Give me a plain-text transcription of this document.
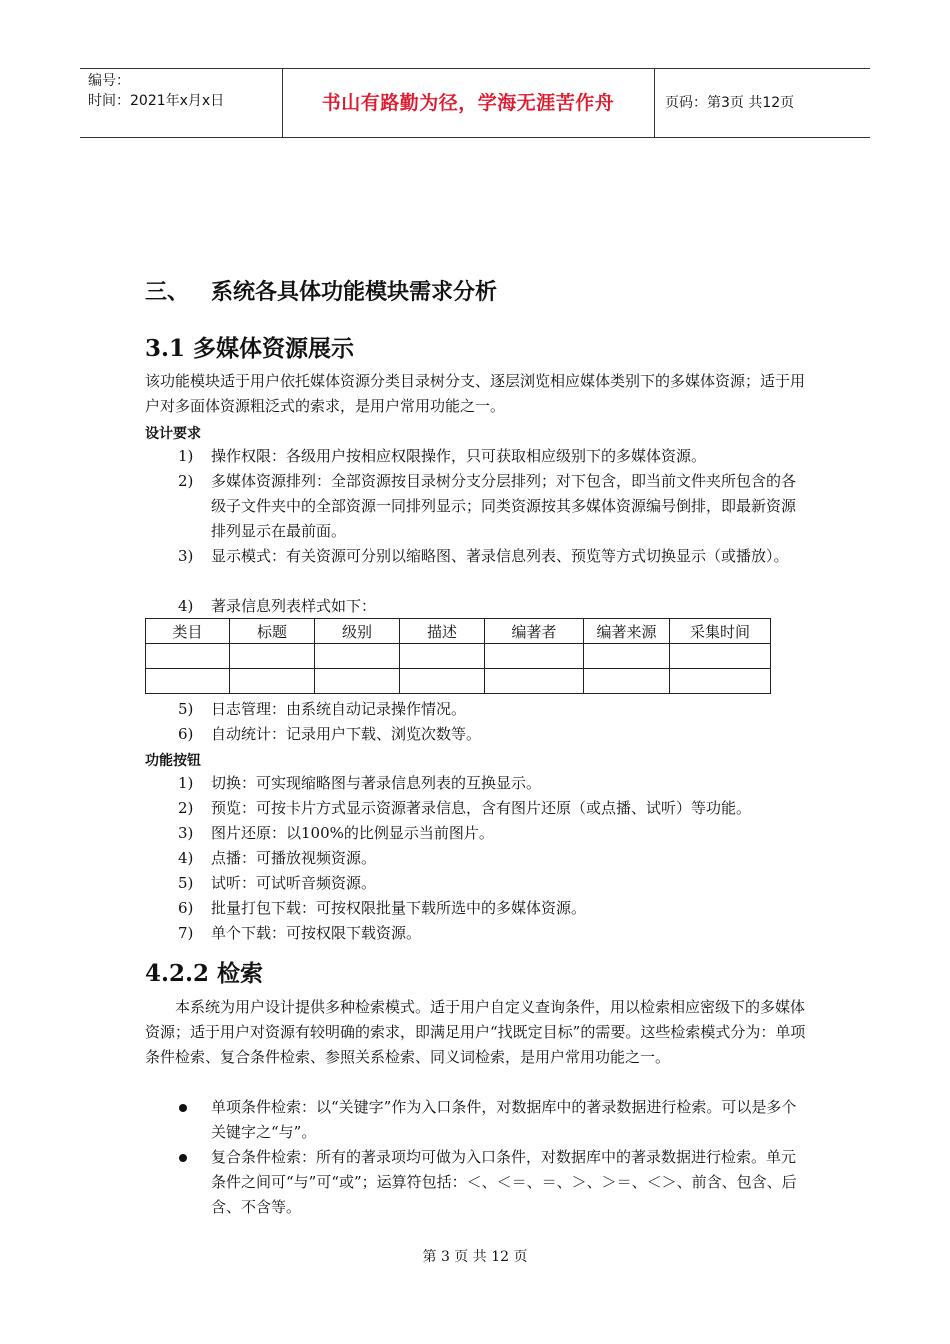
编号：
时间：2021年x月x日	书山有路勤为径，学海无涯苦作舟	页码：第3页 共12页
三、 系统各具体功能模块需求分析
3.1 多媒体资源展示
该功能模块适于用户依托媒体资源分类目录树分支、逐层浏览相应媒体类别下的多媒体资源；适于用户对多面体资源粗泛式的索求，是用户常用功能之一。
设计要求
1) 操作权限：各级用户按相应权限操作，只可获取相应级别下的多媒体资源。
2) 多媒体资源排列：全部资源按目录树分支分层排列；对下包含，即当前文件夹所包含的各级子文件夹中的全部资源一同排列显示；同类资源按其多媒体资源编号倒排，即最新资源排列显示在最前面。
3) 显示模式：有关资源可分别以缩略图、著录信息列表、预览等方式切换显示（或播放）。
4) 著录信息列表样式如下：
类目	标题	级别	描述	编著者	编著来源	采集时间

5) 日志管理：由系统自动记录操作情况。
6) 自动统计：记录用户下载、浏览次数等。
功能按钮
1) 切换：可实现缩略图与著录信息列表的互换显示。
2) 预览：可按卡片方式显示资源著录信息，含有图片还原（或点播、试听）等功能。
3) 图片还原：以100%的比例显示当前图片。
4) 点播：可播放视频资源。
5) 试听：可试听音频资源。
6) 批量打包下载：可按权限批量下载所选中的多媒体资源。
7) 单个下载：可按权限下载资源。
4.2.2 检索
本系统为用户设计提供多种检索模式。适于用户自定义查询条件，用以检索相应密级下的多媒体资源；适于用户对资源有较明确的索求，即满足用户“找既定目标”的需要。这些检索模式分为：单项条件检索、复合条件检索、参照关系检索、同义词检索，是用户常用功能之一。
单项条件检索：以“关键字”作为入口条件，对数据库中的著录数据进行检索。可以是多个关键字之“与”。
复合条件检索：所有的著录项均可做为入口条件，对数据库中的著录数据进行检索。单元条件之间可“与”可“或”；运算符包括：＜、＜＝、＝、＞、＞＝、＜＞、前含、包含、后含、不含等。
第 3 页 共 12 页
